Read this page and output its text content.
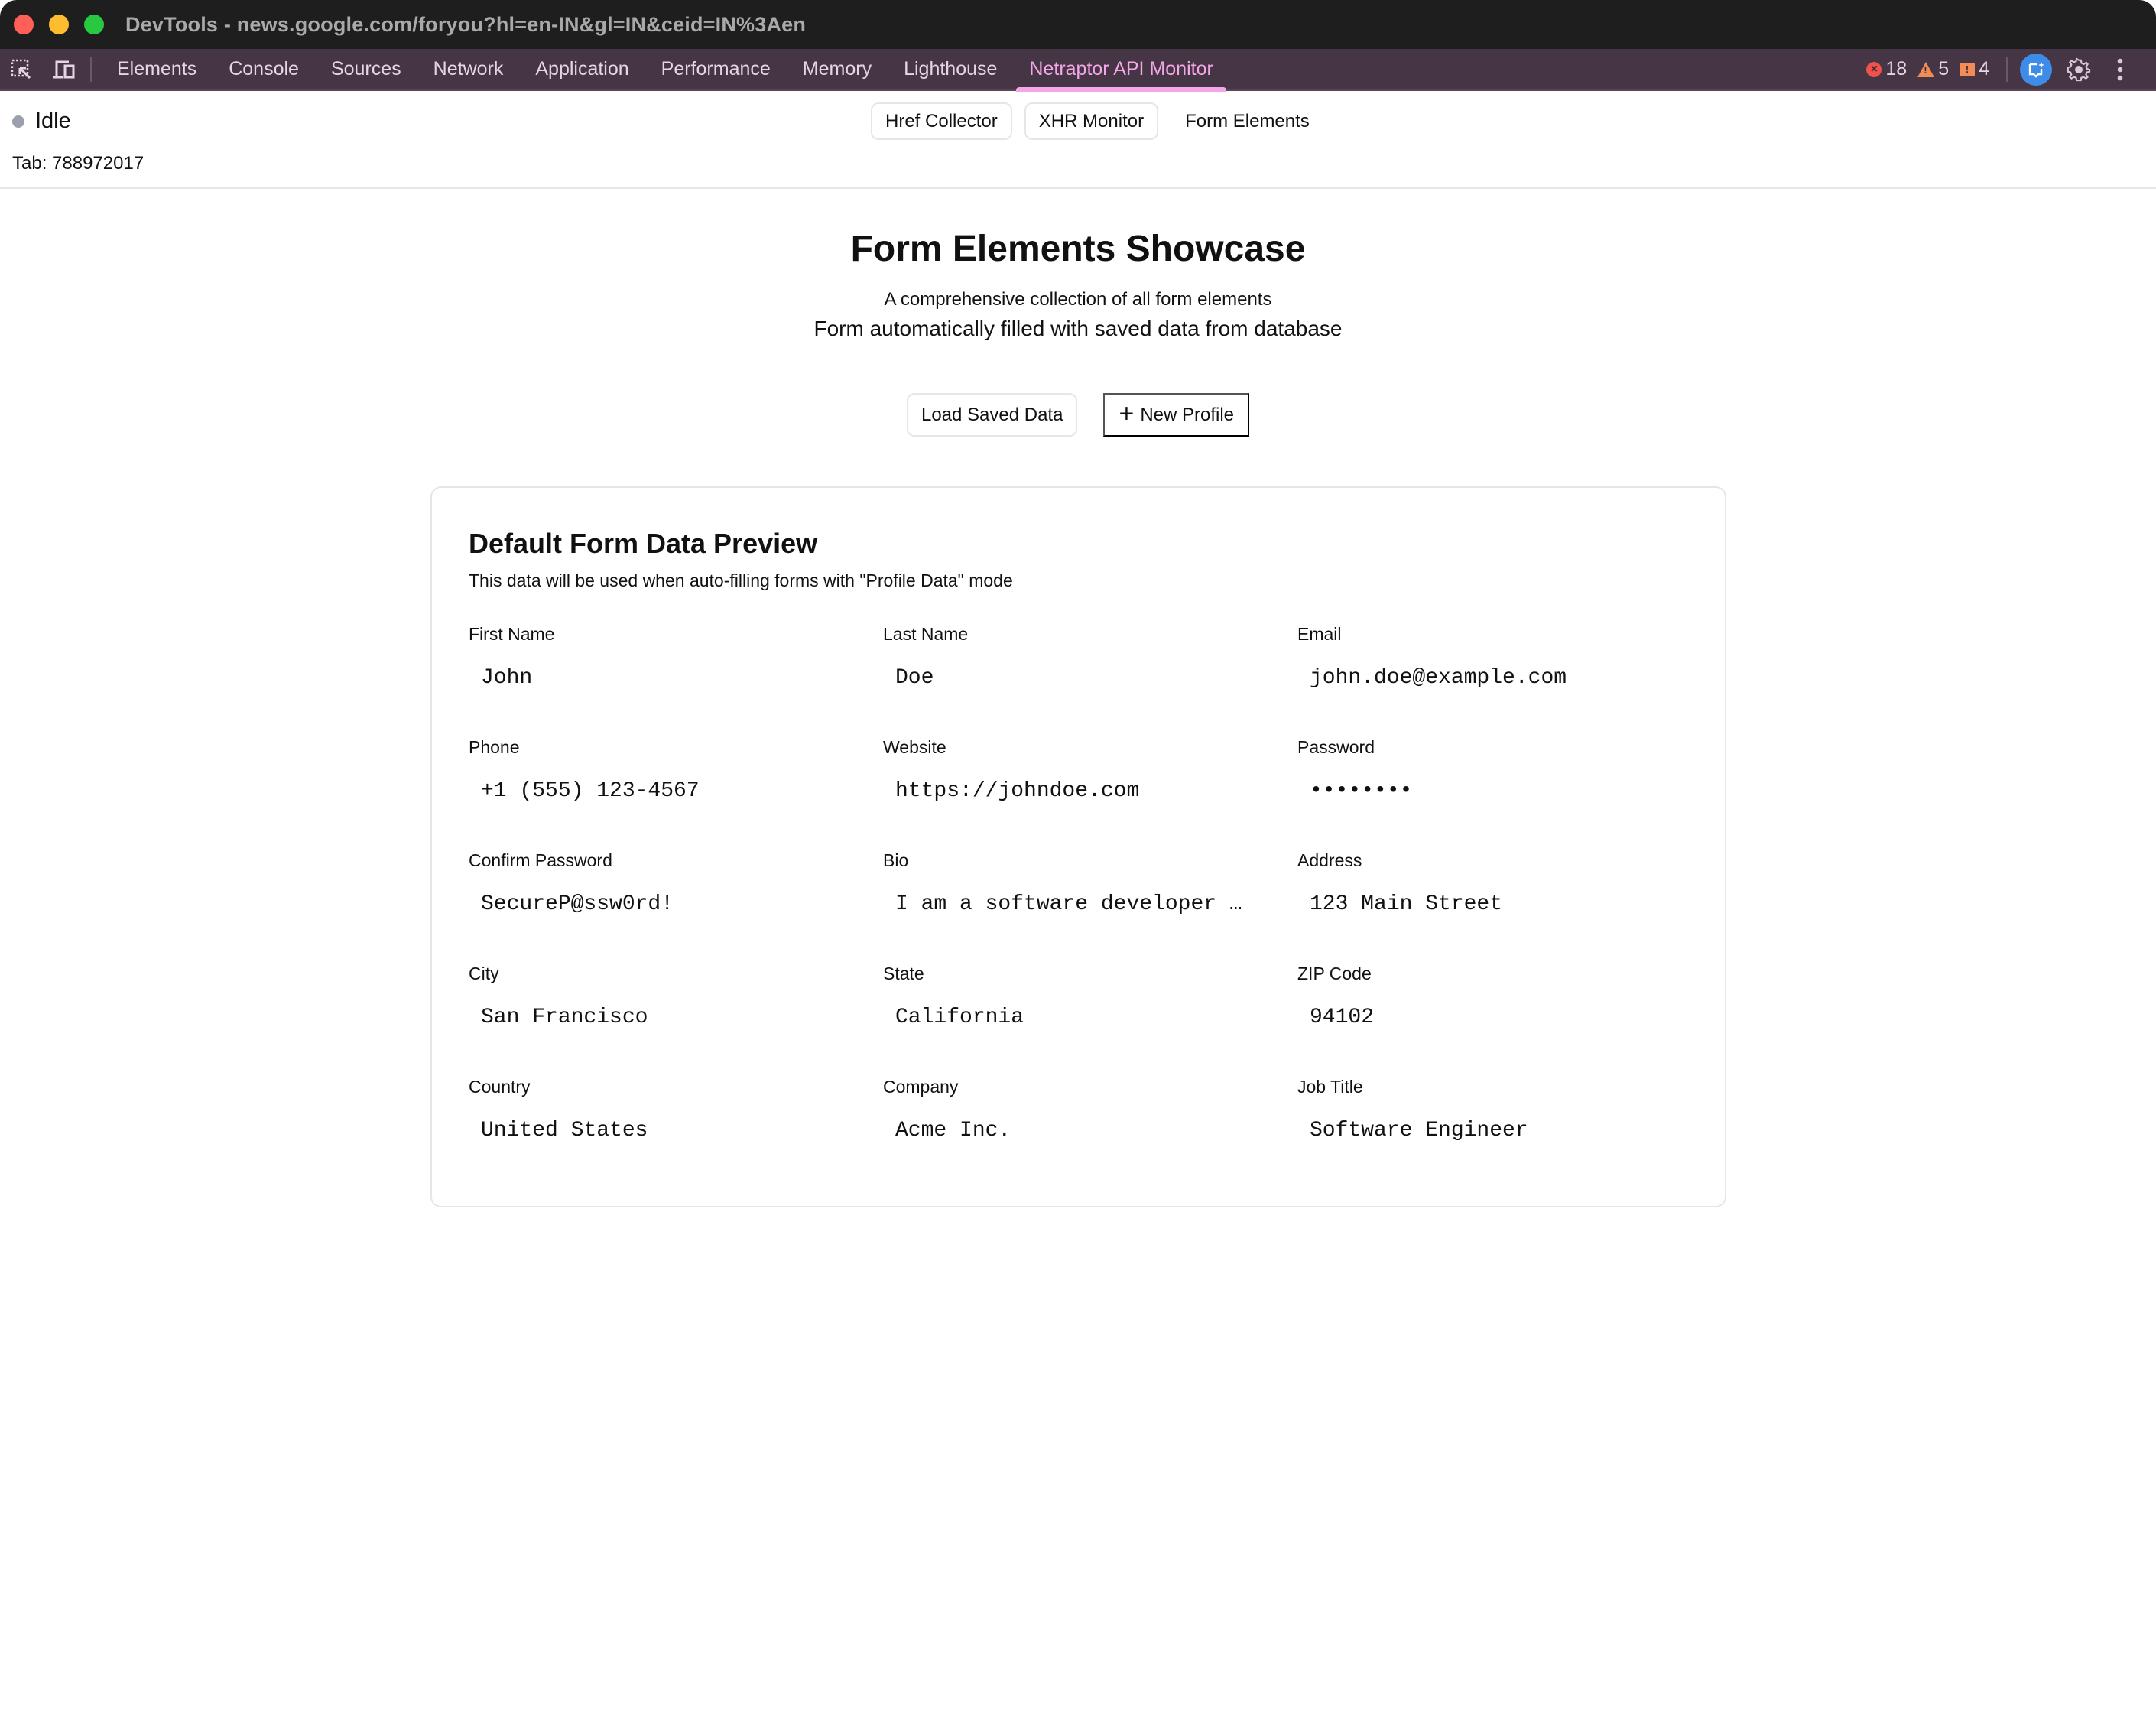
DevTools - news.google.com/foryou?hl=en-IN&gl=IN&ceid=IN%3Aen
Elements	Console	Sources	Network	Application	Performance	Memory	Lighthouse	Netraptor API Monitor	× 18 ! 5	! 4
Idle
Tab: 788972017
Href Collector	XHR Monitor	Form Elements
Form Elements Showcase

A comprehensive collection of all form elements

Form automatically filled with saved data from database

Load Saved Data	+ New Profile
Default Form Data Preview

This data will be used when auto-filling forms with "Profile Data" mode

First Name
John
Last Name
Doe
Email
john.doe@example.com
Phone
+1 (555) 123-4567
Website
https://johndoe.com
Password
••••••••
Confirm Password
SecureP@ssw0rd!
Bio
I am a software developer …
Address
123 Main Street
City
San Francisco
State
California
ZIP Code
94102
Country
United States
Company
Acme Inc.
Job Title
Software Engineer
